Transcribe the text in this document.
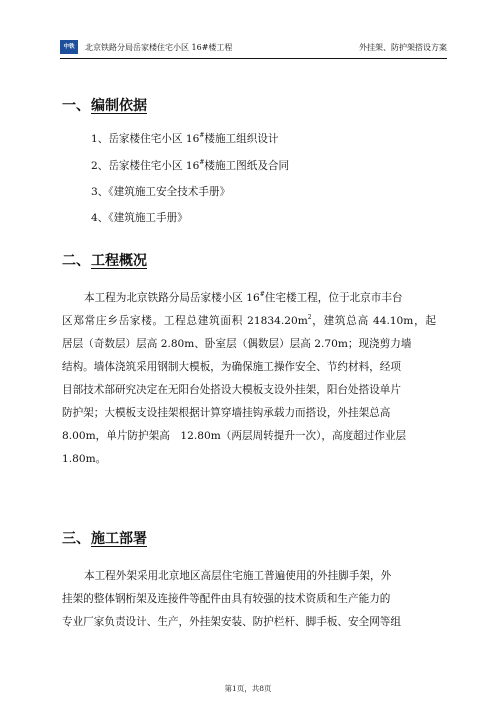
中铁	北京铁路分局岳家楼住宅小区 16#楼工程	外挂架、防护架搭设方案
一、编制依据
1、岳家楼住宅小区 16#楼施工组织设计
2、岳家楼住宅小区 16#楼施工图纸及合同
3、《建筑施工安全技术手册》
4、《建筑施工手册》
二、工程概况
本工程为北京铁路分局岳家楼小区 16#住宅楼工程，位于北京市丰台
区郑常庄乡岳家楼。工程总建筑面积 $21834.20m^2$，建筑总高 44.10m，起
居层（奇数层）层高 2.80m、卧室层（偶数层）层高 2.70m；现浇剪力墙
结构。墙体浇筑采用钢制大模板，为确保施工操作安全、节约材料，经项
目部技术部研究决定在无阳台处搭设大模板支设外挂架，阳台处搭设单片
防护架；大模板支设挂架根据计算穿墙挂钩承载力而搭设，外挂架总高
8.00m，单片防护架高　12.80m（两层周转提升一次），高度超过作业层
1.80m。
三、施工部署
本工程外架采用北京地区高层住宅施工普遍使用的外挂脚手架，外
挂架的整体钢桁架及连接件等配件由具有较强的技术资质和生产能力的
专业厂家负责设计、生产，外挂架安装、防护栏杆、脚手板、安全网等组
第1页，共8页
